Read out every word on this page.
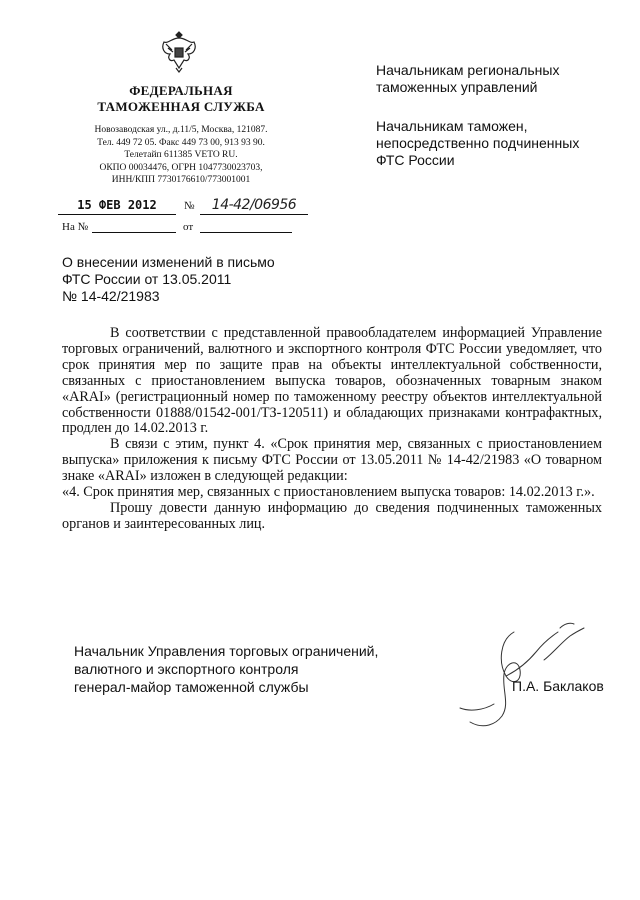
ФЕДЕРАЛЬНАЯ
ТАМОЖЕННАЯ СЛУЖБА
Новозаводская ул., д.11/5, Москва, 121087.
Тел. 449 72 05. Факс 449 73 00, 913 93 90.
Телетайп 611385 VETO RU.
ОКПО 00034476, ОГРН 1047730023703,
ИНН/КПП 7730176610/773001001
15 ФЕВ 2012	№	14-42/06956
На №	от
Начальникам региональных
таможенных управлений
Начальникам таможен,
непосредственно подчиненных
ФТС России
О внесении изменений в письмо
ФТС России от 13.05.2011
№ 14-42/21983

В соответствии с представленной правообладателем информацией Управление торговых ограничений, валютного и экспортного контроля ФТС России уведомляет, что срок принятия мер по защите прав на объекты интеллектуальной собственности, связанных с приостановлением выпуска товаров, обозначенных товарным знаком «ARAI» (регистрационный номер по таможенному реестру объектов интеллектуальной собственности 01888/01542-001/ТЗ-120511) и обладающих признаками контрафактных, продлен до 14.02.2013 г.

В связи с этим, пункт 4. «Срок принятия мер, связанных с приостановлением выпуска» приложения к письму ФТС России от 13.05.2011 № 14-42/21983 «О товарном знаке «ARAI» изложен в следующей редакции:

«4. Срок принятия мер, связанных с приостановлением выпуска товаров: 14.02.2013 г.».

Прошу довести данную информацию до сведения подчиненных таможенных органов и заинтересованных лиц.

Начальник Управления торговых ограничений,
валютного и экспортного контроля
генерал-майор таможенной службы	П.А. Баклаков
